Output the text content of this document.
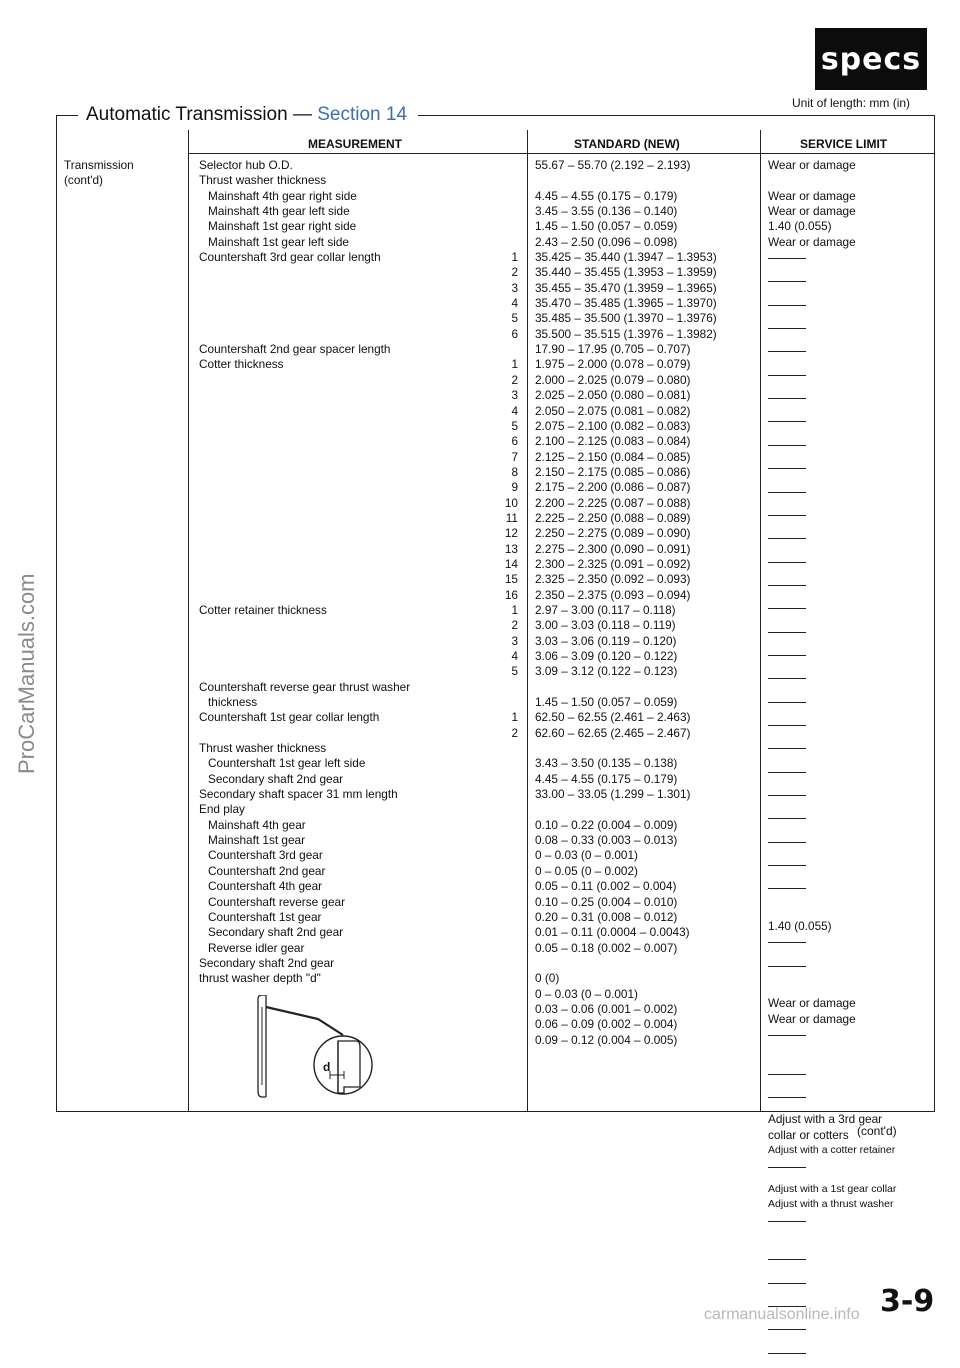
specs
Automatic Transmission — Section 14
Unit of length: mm (in)
MEASUREMENT	STANDARD (NEW)	SERVICE LIMIT
Transmission
(cont'd)
Selector hub O.D.
Thrust washer thickness
Mainshaft 4th gear right side
Mainshaft 4th gear left side
Mainshaft 1st gear right side
Mainshaft 1st gear left side
Countershaft 3rd gear collar length
Countershaft 2nd gear spacer length
Cotter thickness
Cotter retainer thickness
Countershaft reverse gear thrust washer
thickness
Countershaft 1st gear collar length
Thrust washer thickness
Countershaft 1st gear left side
Secondary shaft 2nd gear
Secondary shaft spacer 31 mm length
End play
Mainshaft 4th gear
Mainshaft 1st gear
Countershaft 3rd gear
Countershaft 2nd gear
Countershaft 4th gear
Countershaft reverse gear
Countershaft 1st gear
Secondary shaft 2nd gear
Reverse idler gear
Secondary shaft 2nd gear
thrust washer depth "d"
1
2
3
4
5
6
1
2
3
4
5
6
7
8
9
10
11
12
13
14
15
16
1
2
3
4
5
1
2
55.67 – 55.70 (2.192 – 2.193)
4.45 – 4.55 (0.175 – 0.179)
3.45 – 3.55 (0.136 – 0.140)
1.45 – 1.50 (0.057 – 0.059)
2.43 – 2.50 (0.096 – 0.098)
35.425 – 35.440 (1.3947 – 1.3953)
35.440 – 35.455 (1.3953 – 1.3959)
35.455 – 35.470 (1.3959 – 1.3965)
35.470 – 35.485 (1.3965 – 1.3970)
35.485 – 35.500 (1.3970 – 1.3976)
35.500 – 35.515 (1.3976 – 1.3982)
17.90 – 17.95 (0.705 – 0.707)
1.975 – 2.000 (0.078 – 0.079)
2.000 – 2.025 (0.079 – 0.080)
2.025 – 2.050 (0.080 – 0.081)
2.050 – 2.075 (0.081 – 0.082)
2.075 – 2.100 (0.082 – 0.083)
2.100 – 2.125 (0.083 – 0.084)
2.125 – 2.150 (0.084 – 0.085)
2.150 – 2.175 (0.085 – 0.086)
2.175 – 2.200 (0.086 – 0.087)
2.200 – 2.225 (0.087 – 0.088)
2.225 – 2.250 (0.088 – 0.089)
2.250 – 2.275 (0.089 – 0.090)
2.275 – 2.300 (0.090 – 0.091)
2.300 – 2.325 (0.091 – 0.092)
2.325 – 2.350 (0.092 – 0.093)
2.350 – 2.375 (0.093 – 0.094)
2.97 – 3.00 (0.117 – 0.118)
3.00 – 3.03 (0.118 – 0.119)
3.03 – 3.06 (0.119 – 0.120)
3.06 – 3.09 (0.120 – 0.122)
3.09 – 3.12 (0.122 – 0.123)
1.45 – 1.50 (0.057 – 0.059)
62.50 – 62.55 (2.461 – 2.463)
62.60 – 62.65 (2.465 – 2.467)
3.43 – 3.50 (0.135 – 0.138)
4.45 – 4.55 (0.175 – 0.179)
33.00 – 33.05 (1.299 – 1.301)
0.10 – 0.22 (0.004 – 0.009)
0.08 – 0.33 (0.003 – 0.013)
0 – 0.03 (0 – 0.001)
0 – 0.05 (0 – 0.002)
0.05 – 0.11 (0.002 – 0.004)
0.10 – 0.25 (0.004 – 0.010)
0.20 – 0.31 (0.008 – 0.012)
0.01 – 0.11 (0.0004 – 0.0043)
0.05 – 0.18 (0.002 – 0.007)
0 (0)
0 – 0.03 (0 – 0.001)
0.03 – 0.06 (0.001 – 0.002)
0.06 – 0.09 (0.002 – 0.004)
0.09 – 0.12 (0.004 – 0.005)
Wear or damage
Wear or damage
Wear or damage
1.40 (0.055)
Wear or damage
1.40 (0.055)
Wear or damage
Wear or damage
Adjust with a 3rd gear
collar or cotters
Adjust with a cotter retainer
Adjust with a 1st gear collar
Adjust with a thrust washer
d
(cont'd)
ProCarManuals.com
3-9
carmanualsonline.info
